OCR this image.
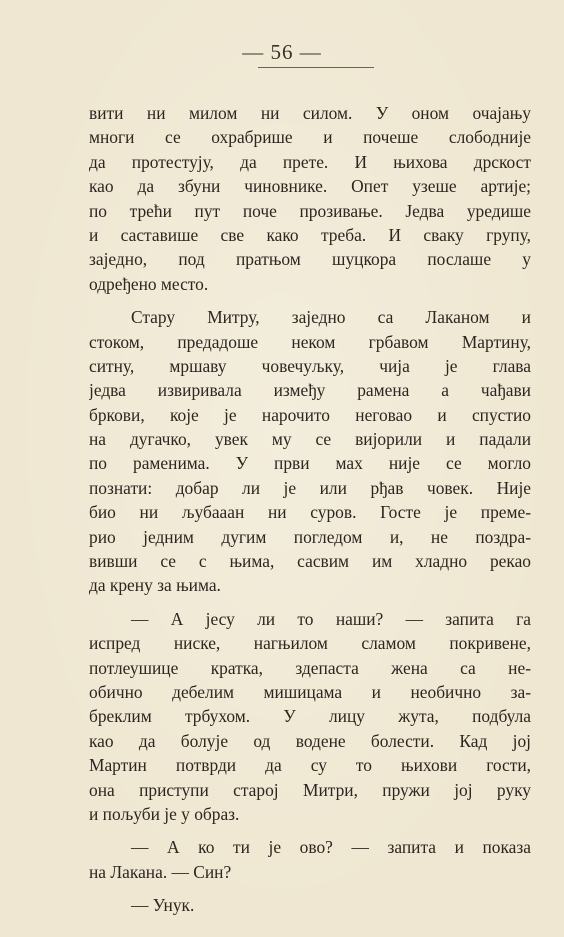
— 56 —
вити ни милом ни силом. У оном очајању
многи се охрабрише и почеше слободније
да протестују, да прете. И њихова дрскост
као да збуни чиновнике. Опет узеше артије;
по трећи пут поче прозивање. Једва уредише
и саставише све како треба. И сваку групу,
заједно, под пратњом шуцкора послаше у
одређено место.
Стару Митру, заједно са Лаканом и
стоком, предадоше неком грбавом Мартину,
ситну, мршаву човечуљку, чија је глава
једва извиривала између рамена а чађави
бркови, које је нарочито неговао и спустио
на дугачко, увек му се вијорили и падали
по раменима. У први мах није се могло
познати: добар ли је или рђав човек. Није
био ни љубааан ни суров. Госте је преме-
рио једним дугим погледом и, не поздра-
вивши се с њима, сасвим им хладно рекао
да крену за њима.
— А јесу ли то наши? — запита га
испред ниске, нагњилом сламом покривене,
потлеушице кратка, здепаста жена са не-
обично дебелим мишицама и необично за-
бреклим трбухом. У лицу жута, подбула
као да болује од водене болести. Кад јој
Мартин потврди да су то њихови гости,
она приступи старој Митри, пружи јој руку
и пољуби је у образ.
— А ко ти је ово? — запита и показа
на Лакана. — Син?
— Унук.
